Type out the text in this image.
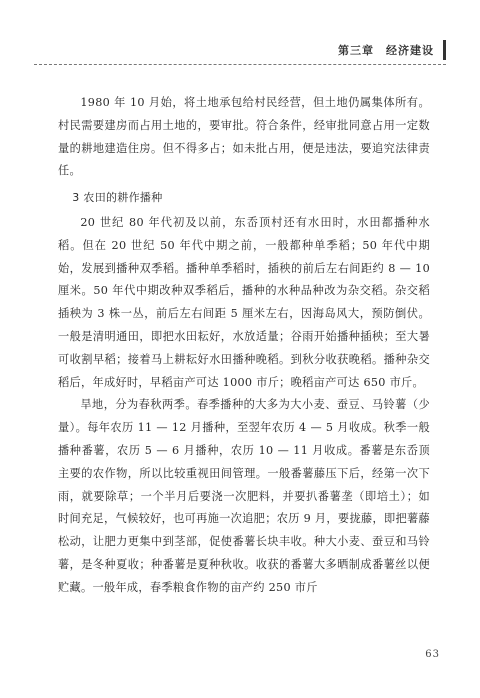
第三章　经济建设

1980 年 10 月始，将土地承包给村民经营，但土地仍属集体所有。村民需要建房而占用土地的，要审批。符合条件，经审批同意占用一定数量的耕地建造住房。但不得多占；如未批占用，便是违法，要追究法律责任。

3 农田的耕作播种

20 世纪 80 年代初及以前，东岙顶村还有水田时，水田都播种水稻。但在 20 世纪 50 年代中期之前，一般都种单季稻；50 年代中期始，发展到播种双季稻。播种单季稻时，插秧的前后左右间距约 8 — 10 厘米。50 年代中期改种双季稻后，播种的水种品种改为杂交稻。杂交稻插秧为 3 株一丛，前后左右间距 5 厘米左右，因海岛风大，预防倒伏。一般是清明通田，即把水田耘好，水放适量；谷雨开始播种插秧；至大暑可收割早稻；接着马上耕耘好水田播种晚稻。到秋分收获晚稻。播种杂交稻后，年成好时，早稻亩产可达 1000 市斤；晚稻亩产可达 650 市斤。

旱地，分为春秋两季。春季播种的大多为大小麦、蚕豆、马铃薯（少量）。每年农历 11 — 12 月播种，至翌年农历 4 — 5 月收成。秋季一般播种番薯，农历 5 — 6 月播种，农历 10 — 11 月收成。番薯是东岙顶主要的农作物，所以比较重视田间管理。一般番薯藤压下后，经第一次下雨，就要除草；一个半月后要浇一次肥料，并要扒番薯垄（即培土）；如时间充足，气候较好，也可再施一次追肥；农历 9 月，要拢藤，即把薯藤松动，让肥力更集中到茎部，促使番薯长块丰收。种大小麦、蚕豆和马铃薯，是冬种夏收；种番薯是夏种秋收。收获的番薯大多晒制成番薯丝以便贮藏。一般年成，春季粮食作物的亩产约 250 市斤

63
